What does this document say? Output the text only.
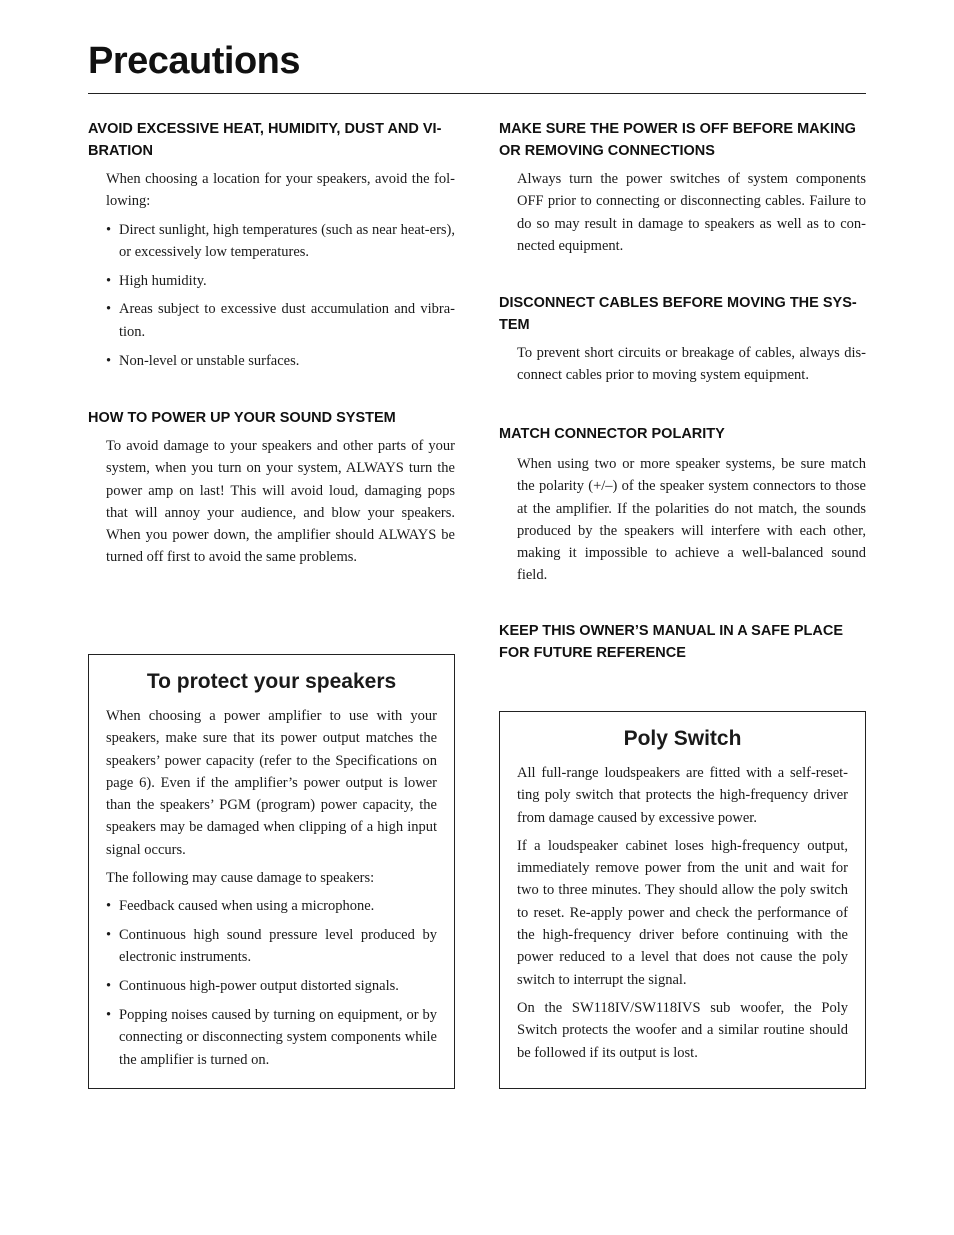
Precautions
AVOID EXCESSIVE HEAT, HUMIDITY, DUST AND VI-BRATION

When choosing a location for your speakers, avoid the fol-lowing:

• Direct sunlight, high temperatures (such as near heat-ers), or excessively low temperatures.
• High humidity.
• Areas subject to excessive dust accumulation and vibra-tion.
• Non-level or unstable surfaces.
HOW TO POWER UP YOUR SOUND SYSTEM

To avoid damage to your speakers and other parts of your system, when you turn on your system, ALWAYS turn the power amp on last! This will avoid loud, damaging pops that will annoy your audience, and blow your speakers. When you power down, the amplifier should ALWAYS be turned off first to avoid the same problems.

To protect your speakers

When choosing a power amplifier to use with your speakers, make sure that its power output matches the speakers’ power capacity (refer to the Specifications on page 6). Even if the amplifier’s power output is lower than the speakers’ PGM (program) power capacity, the speakers may be damaged when clipping of a high input signal occurs.

The following may cause damage to speakers:

• Feedback caused when using a microphone.
• Continuous high sound pressure level produced by electronic instruments.
• Continuous high-power output distorted signals.
• Popping noises caused by turning on equipment, or by connecting or disconnecting system components while the amplifier is turned on.
MAKE SURE THE POWER IS OFF BEFORE MAKING OR REMOVING CONNECTIONS

Always turn the power switches of system components OFF prior to connecting or disconnecting cables. Failure to do so may result in damage to speakers as well as to con-nected equipment.

DISCONNECT CABLES BEFORE MOVING THE SYS-TEM

To prevent short circuits or breakage of cables, always dis-connect cables prior to moving system equipment.

MATCH CONNECTOR POLARITY

When using two or more speaker systems, be sure match the polarity (+/–) of the speaker system connectors to those at the amplifier. If the polarities do not match, the sounds produced by the speakers will interfere with each other, making it impossible to achieve a well-balanced sound field.

KEEP THIS OWNER’S MANUAL IN A SAFE PLACE FOR FUTURE REFERENCE
Poly Switch

All full-range loudspeakers are fitted with a self-reset-ting poly switch that protects the high-frequency driver from damage caused by excessive power.

If a loudspeaker cabinet loses high-frequency output, immediately remove power from the unit and wait for two to three minutes. They should allow the poly switch to reset. Re-apply power and check the performance of the high-frequency driver before continuing with the power reduced to a level that does not cause the poly switch to interrupt the signal.

On the SW118IV/SW118IVS sub woofer, the Poly Switch protects the woofer and a similar routine should be followed if its output is lost.
